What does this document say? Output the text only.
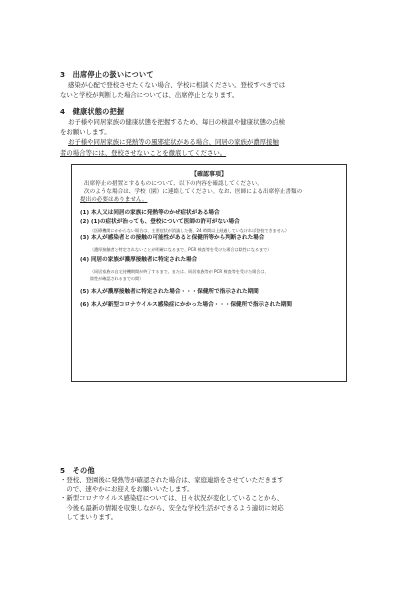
3　出席停止の扱いについて

感染が心配で登校させたくない場合、学校に相談ください。登校すべきでは

ないと学校が判断した場合については、出席停止となります。

4　健康状態の把握

お子様や同居家族の健康状態を把握するため、毎日の検温や健康状態の点検

をお願いします。

お子様や同居家族に発熱等の風邪症状がある場合、同居の家族が濃厚接触

者の場合等には、登校させないことを徹底してください。

【確認事項】

出席停止の措置とするものについて、以下の内容を確認してください。

次のような場合は、学校（園）に連絡してください。なお、医師による出席停止書類の

提出の必要はありません。

(1) 本人又は同居の家族に発熱等のかぜ症状がある場合

(2) (1)の症状が治っても、登校について医師の許可がない場合

（医療機関にかからない場合は、主要症状が消滅した後、24 時間以上経過していなければ登校できません）

(3) 本人が感染者との接触の可能性があると保健所等から判断された場合

（濃厚接触者と特定されないことが明確になるまで、PCR 検査等を受けた場合は陰性になるまで）

(4) 同居の家族が濃厚接触者に特定された場合

（同居家族の自宅待機期間が終了するまで。または、同居家族等が PCR 検査等を受けた場合は、

陰性が確認されるまでの間）

(5) 本人が濃厚接触者に特定された場合・・・保健所で指示された期間

(6) 本人が新型コロナウイルス感染症にかかった場合・・・保健所で指示された期間

5　その他

・登校、登園後に発熱等が確認された場合は、家庭連絡をさせていただきます

　ので、速やかにお迎えをお願いいたします。

・新型コロナウイルス感染症については、日々状況が変化していることから、

　今後も最新の情報を収集しながら、安全な学校生活ができるよう適切に対応

　してまいります。
